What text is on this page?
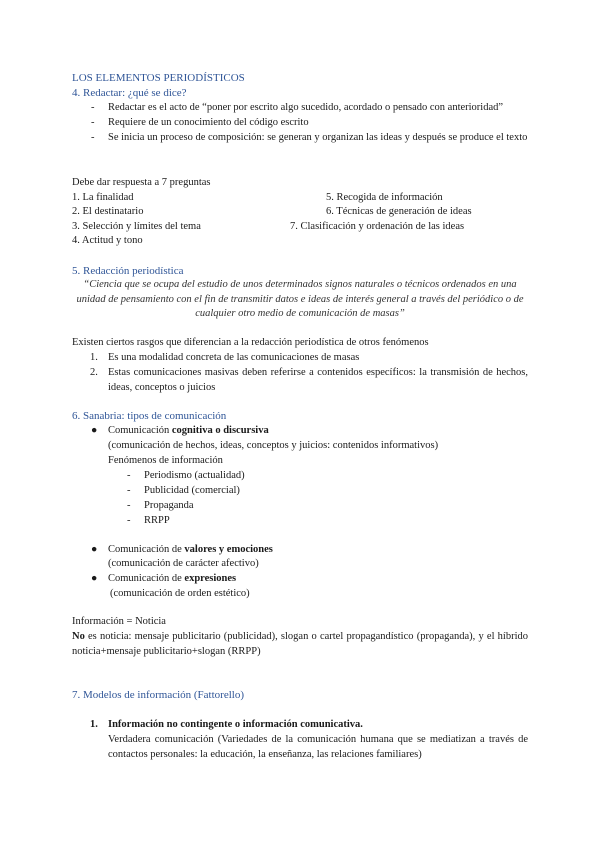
LOS ELEMENTOS PERIODÍSTICOS
4. Redactar: ¿qué se dice?
- Redactar es el acto de “poner por escrito algo sucedido, acordado o pensado con anterioridad”
- Requiere de un conocimiento del código escrito
- Se inicia un proceso de composición: se generan y organizan las ideas y después se produce el texto
Debe dar respuesta a 7 preguntas
1. La finalidad
2. El destinatario
3. Selección y límites del tema
4. Actitud y tono
5. Recogida de información
6. Técnicas de generación de ideas
7. Clasificación y ordenación de las ideas
5. Redacción periodística
“Ciencia que se ocupa del estudio de unos determinados signos naturales o técnicos ordenados en una unidad de pensamiento con el fin de transmitir datos e ideas de interés general a través del periódico o de cualquier otro medio de comunicación de masas”
Existen ciertos rasgos que diferencian a la redacción periodística de otros fenómenos
1. Es una modalidad concreta de las comunicaciones de masas
2. Estas comunicaciones masivas deben referirse a contenidos específicos: la transmisión de hechos, ideas, conceptos o juicios
6. Sanabria: tipos de comunicación
● Comunicación cognitiva o discursiva
(comunicación de hechos, ideas, conceptos y juicios: contenidos informativos)
Fenómenos de información
- Periodismo (actualidad)
- Publicidad (comercial)
- Propaganda
- RRPP
● Comunicación de valores y emociones
(comunicación de carácter afectivo)
● Comunicación de expresiones
(comunicación de orden estético)
Información = Noticia
No es noticia: mensaje publicitario (publicidad), slogan o cartel propagandístico (propaganda), y el híbrido noticia+mensaje publicitario+slogan (RRPP)
7. Modelos de información (Fattorello)
1. Información no contingente o información comunicativa.
Verdadera comunicación (Variedades de la comunicación humana que se mediatizan a través de contactos personales: la educación, la enseñanza, las relaciones familiares)
